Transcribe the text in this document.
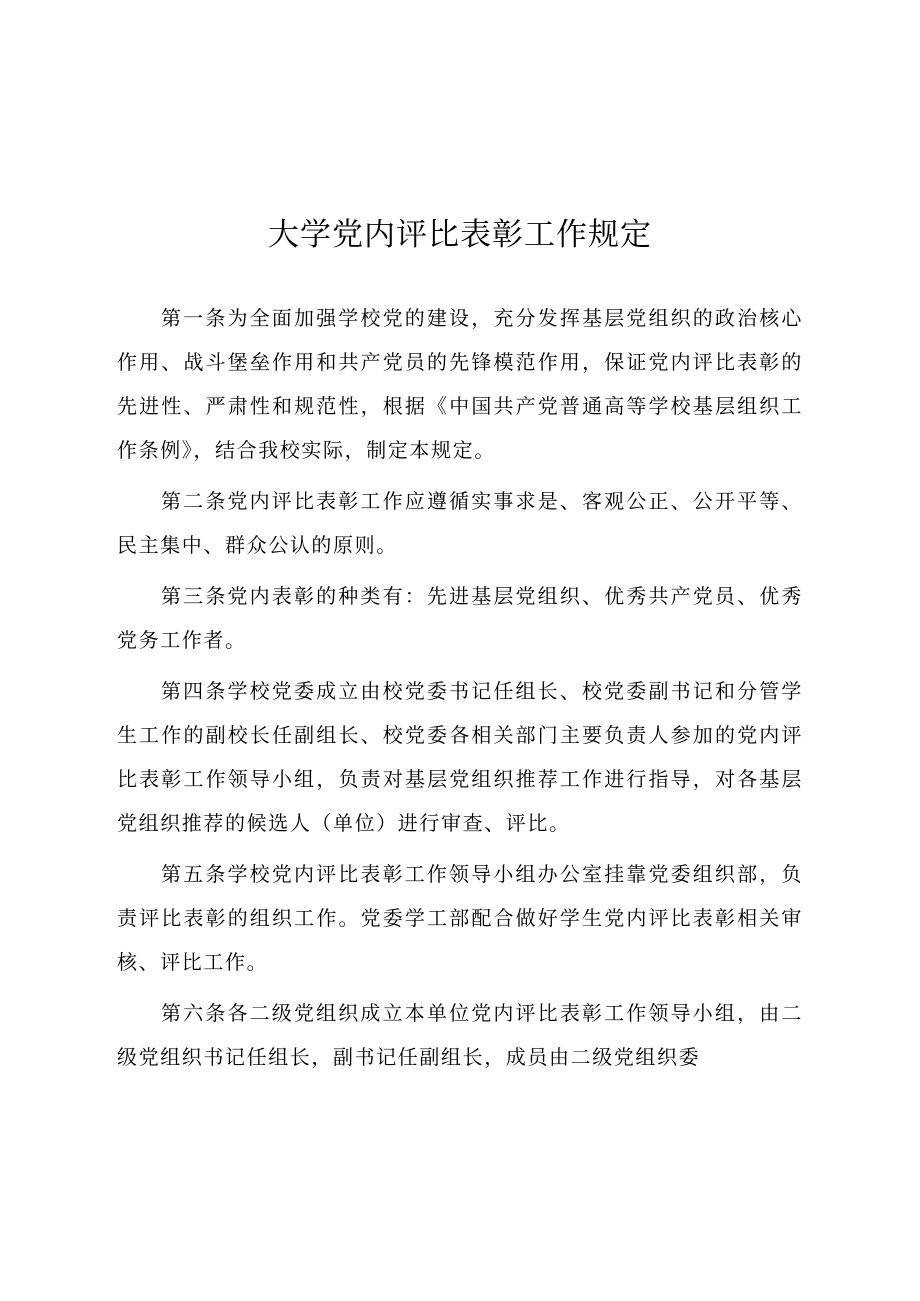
大学党内评比表彰工作规定

第一条为全面加强学校党的建设，充分发挥基层党组织的政治核心作用、战斗堡垒作用和共产党员的先锋模范作用，保证党内评比表彰的先进性、严肃性和规范性，根据《中国共产党普通高等学校基层组织工作条例》，结合我校实际，制定本规定。

第二条党内评比表彰工作应遵循实事求是、客观公正、公开平等、民主集中、群众公认的原则。

第三条党内表彰的种类有：先进基层党组织、优秀共产党员、优秀党务工作者。

第四条学校党委成立由校党委书记任组长、校党委副书记和分管学生工作的副校长任副组长、校党委各相关部门主要负责人参加的党内评比表彰工作领导小组，负责对基层党组织推荐工作进行指导，对各基层党组织推荐的候选人（单位）进行审查、评比。

第五条学校党内评比表彰工作领导小组办公室挂靠党委组织部，负责评比表彰的组织工作。党委学工部配合做好学生党内评比表彰相关审核、评比工作。

第六条各二级党组织成立本单位党内评比表彰工作领导小组，由二级党组织书记任组长，副书记任副组长，成员由二级党组织委
